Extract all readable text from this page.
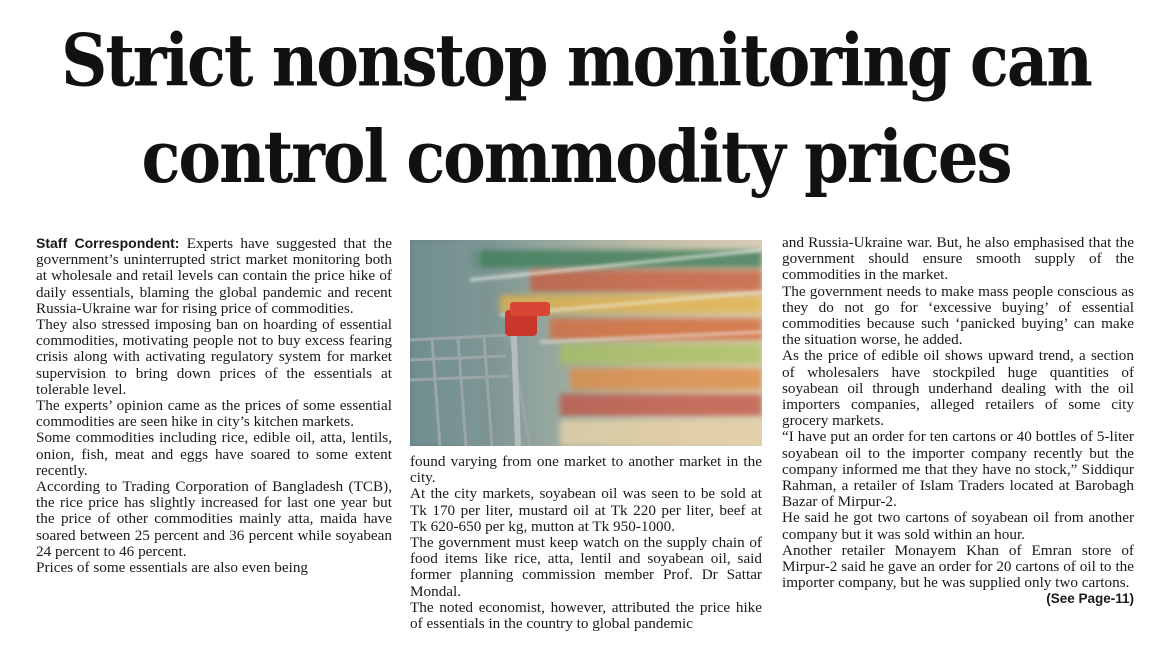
Strict nonstop monitoring can
control commodity prices

Staff Correspondent: Experts have suggested that the government’s uninterrupted strict market monitoring both at wholesale and retail levels can contain the price hike of daily essentials, blaming the global pandemic and recent Russia-Ukraine war for rising price of commodities.

They also stressed imposing ban on hoarding of essential commodities, motivating people not to buy excess fearing crisis along with activating regulatory system for market supervision to bring down prices of the essentials at tolerable level.

The experts’ opinion came as the prices of some essential commodities are seen hike in city’s kitchen markets.

Some commodities including rice, edible oil, atta, lentils, onion, fish, meat and eggs have soared to some extent recently.

According to Trading Corporation of Bangladesh (TCB), the rice price has slightly increased for last one year but the price of other commodities mainly atta, maida have soared between 25 percent and 36 percent while soyabean 24 percent to 46 percent.

Prices of some essentials are also even being

found varying from one market to another market in the city.

At the city markets, soyabean oil was seen to be sold at Tk 170 per liter, mustard oil at Tk 220 per liter, beef at Tk 620-650 per kg, mutton at Tk 950-1000.

The government must keep watch on the supply chain of food items like rice, atta, lentil and soyabean oil, said former planning commission member Prof. Dr Sattar Mondal.

The noted economist, however, attributed the price hike of essentials in the country to global pandemic

and Russia-Ukraine war. But, he also emphasised that the government should ensure smooth supply of the commodities in the market.

The government needs to make mass people conscious as they do not go for ‘excessive buying’ of essential commodities because such ‘panicked buying’ can make the situation worse, he added.

As the price of edible oil shows upward trend, a section of wholesalers have stockpiled huge quantities of soyabean oil through underhand dealing with the oil importers companies, alleged retailers of some city grocery markets.

“I have put an order for ten cartons or 40 bottles of 5-liter soyabean oil to the importer company recently but the company informed me that they have no stock,” Siddiqur Rahman, a retailer of Islam Traders located at Barobagh Bazar of Mirpur-2.

He said he got two cartons of soyabean oil from another company but it was sold within an hour.

Another retailer Monayem Khan of Emran store of Mirpur-2 said he gave an order for 20 cartons of oil to the importer company, but he was supplied only two cartons.
(See Page-11)
